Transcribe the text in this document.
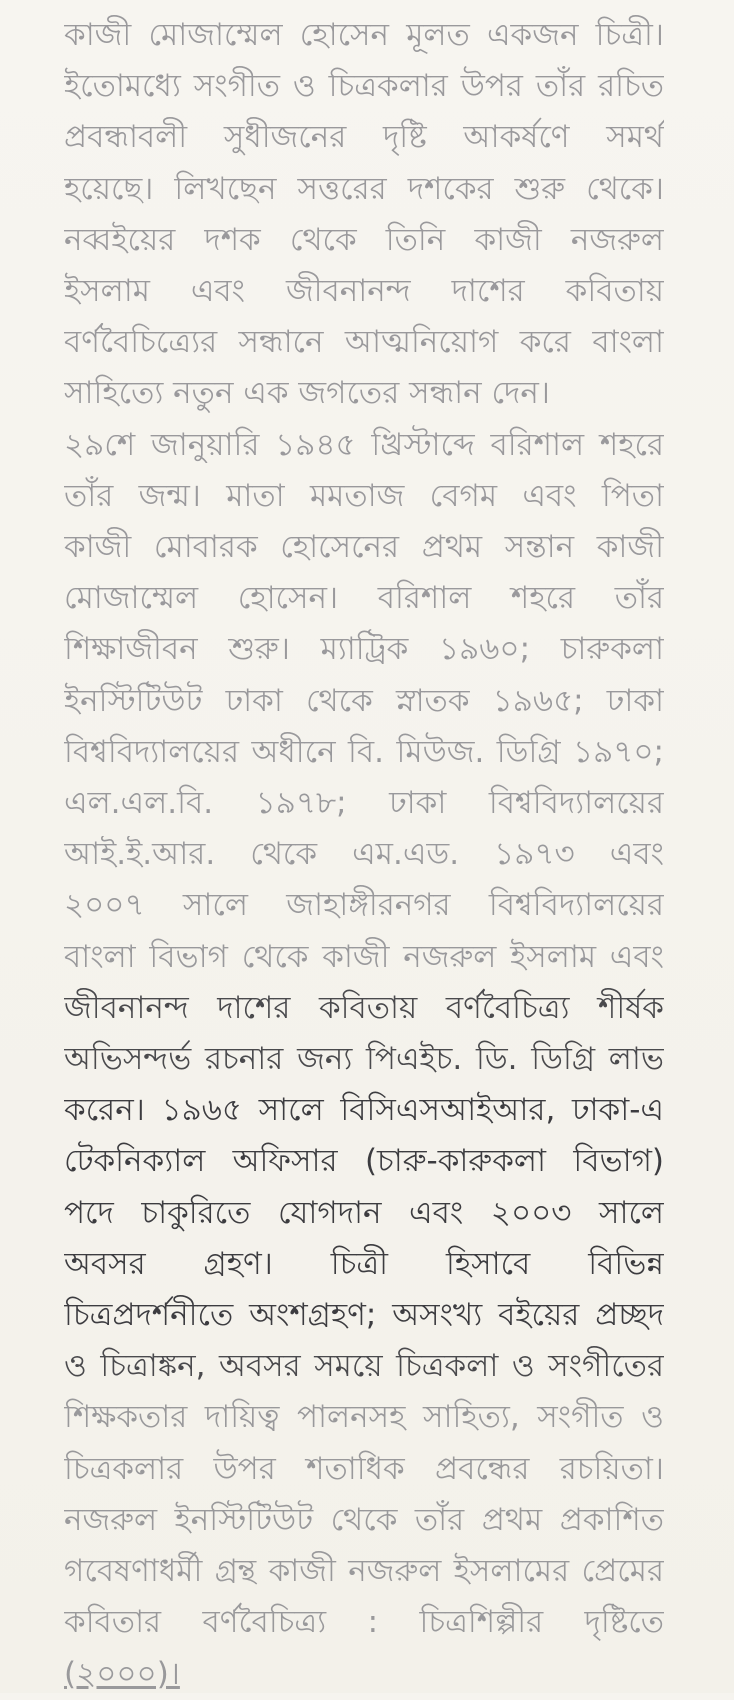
কাজী মোজাম্মেল হোসেন মূলত একজন চিত্রী।
ইতোমধ্যে সংগীত ও চিত্রকলার উপর তাঁর রচিত
প্রবন্ধাবলী সুধীজনের দৃষ্টি আকর্ষণে সমর্থ
হয়েছে। লিখছেন সত্তরের দশকের শুরু থেকে।
নব্বইয়ের দশক থেকে তিনি কাজী নজরুল
ইসলাম এবং জীবনানন্দ দাশের কবিতায়
বর্ণবৈচিত্র্যের সন্ধানে আত্মনিয়োগ করে বাংলা
সাহিত্যে নতুন এক জগতের সন্ধান দেন।
২৯শে জানুয়ারি ১৯৪৫ খ্রিস্টাব্দে বরিশাল শহরে
তাঁর জন্ম। মাতা মমতাজ বেগম এবং পিতা
কাজী মোবারক হোসেনের প্রথম সন্তান কাজী
মোজাম্মেল হোসেন। বরিশাল শহরে তাঁর
শিক্ষাজীবন শুরু। ম্যাট্রিক ১৯৬০; চারুকলা
ইনস্টিটিউট ঢাকা থেকে স্নাতক ১৯৬৫; ঢাকা
বিশ্ববিদ্যালয়ের অধীনে বি. মিউজ. ডিগ্রি ১৯৭০;
এল.এল.বি. ১৯৭৮; ঢাকা বিশ্ববিদ্যালয়ের
আই.ই.আর. থেকে এম.এড. ১৯৭৩ এবং
২০০৭ সালে জাহাঙ্গীরনগর বিশ্ববিদ্যালয়ের
বাংলা বিভাগ থেকে কাজী নজরুল ইসলাম এবং
জীবনানন্দ দাশের কবিতায় বর্ণবৈচিত্র্য শীর্ষক
অভিসন্দর্ভ রচনার জন্য পিএইচ. ডি. ডিগ্রি লাভ
করেন। ১৯৬৫ সালে বিসিএসআইআর, ঢাকা-এ
টেকনিক্যাল অফিসার (চারু-কারুকলা বিভাগ)
পদে চাকুরিতে যোগদান এবং ২০০৩ সালে
অবসর গ্রহণ। চিত্রী হিসাবে বিভিন্ন
চিত্রপ্রদর্শনীতে অংশগ্রহণ; অসংখ্য বইয়ের প্রচ্ছদ
ও চিত্রাঙ্কন, অবসর সময়ে চিত্রকলা ও সংগীতের
শিক্ষকতার দায়িত্ব পালনসহ সাহিত্য, সংগীত ও
চিত্রকলার উপর শতাধিক প্রবন্ধের রচয়িতা।
নজরুল ইনস্টিটিউট থেকে তাঁর প্রথম প্রকাশিত
গবেষণাধর্মী গ্রন্থ কাজী নজরুল ইসলামের প্রেমের
কবিতার বর্ণবৈচিত্র্য : চিত্রশিল্পীর দৃষ্টিতে
(২০০০)।
